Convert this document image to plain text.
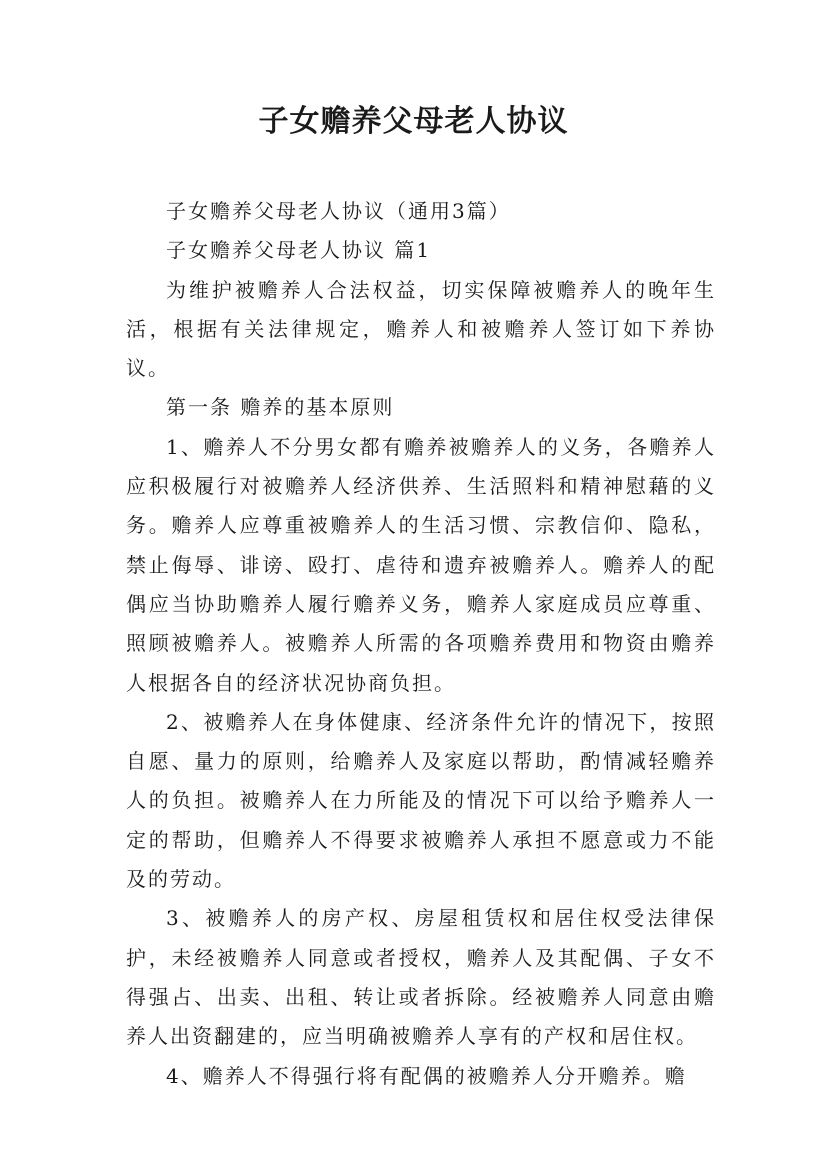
子女赡养父母老人协议

子女赡养父母老人协议（通用3篇）

子女赡养父母老人协议 篇1

为维护被赡养人合法权益，切实保障被赡养人的晚年生活，根据有关法律规定，赡养人和被赡养人签订如下养协议。

第一条 赡养的基本原则

1、赡养人不分男女都有赡养被赡养人的义务，各赡养人应积极履行对被赡养人经济供养、生活照料和精神慰藉的义务。赡养人应尊重被赡养人的生活习惯、宗教信仰、隐私，禁止侮辱、诽谤、殴打、虐待和遗弃被赡养人。赡养人的配偶应当协助赡养人履行赡养义务，赡养人家庭成员应尊重、照顾被赡养人。被赡养人所需的各项赡养费用和物资由赡养人根据各自的经济状况协商负担。

2、被赡养人在身体健康、经济条件允许的情况下，按照自愿、量力的原则，给赡养人及家庭以帮助，酌情减轻赡养人的负担。被赡养人在力所能及的情况下可以给予赡养人一定的帮助，但赡养人不得要求被赡养人承担不愿意或力不能及的劳动。

3、被赡养人的房产权、房屋租赁权和居住权受法律保护，未经被赡养人同意或者授权，赡养人及其配偶、子女不得强占、出卖、出租、转让或者拆除。经被赡养人同意由赡养人出资翻建的，应当明确被赡养人享有的产权和居住权。

4、赡养人不得强行将有配偶的被赡养人分开赡养。赡
